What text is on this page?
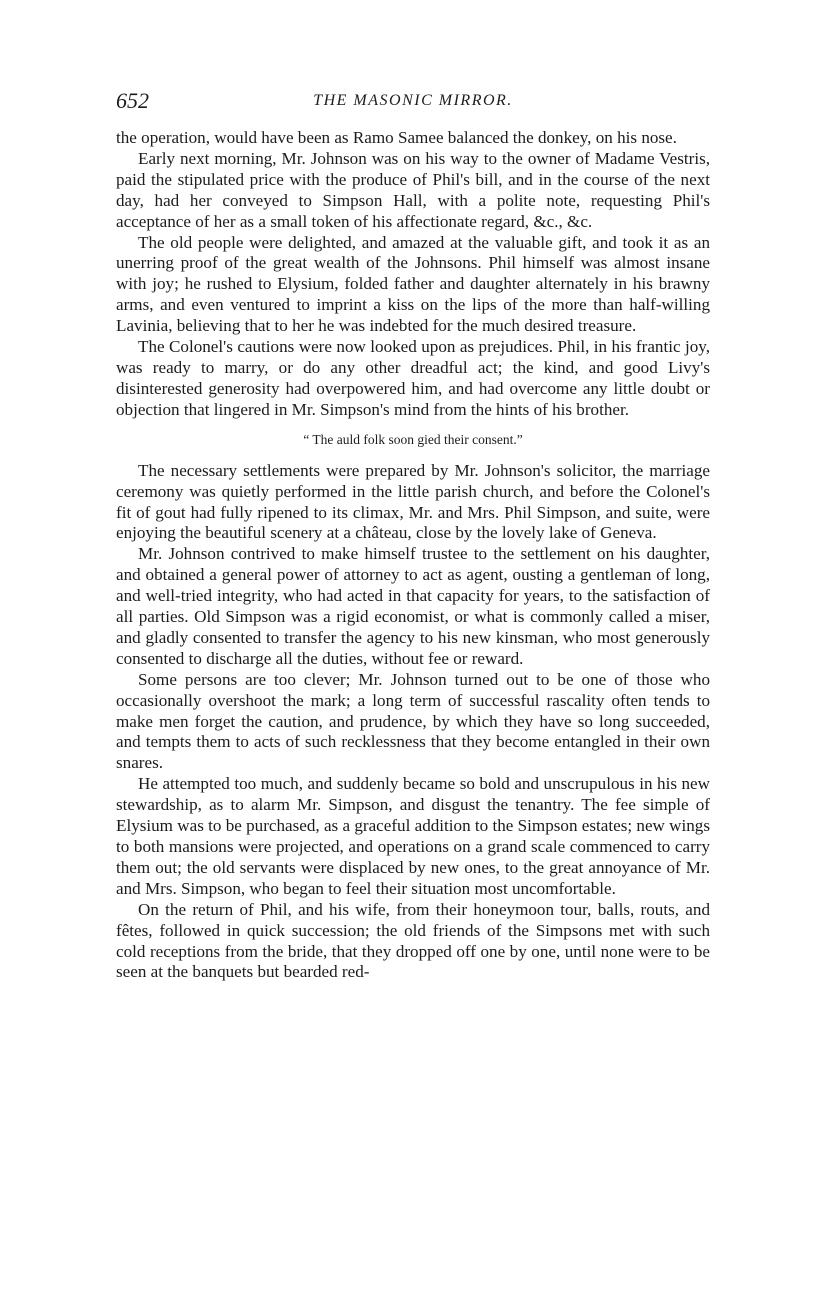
652	THE MASONIC MIRROR.

the operation, would have been as Ramo Samee balanced the donkey, on his nose.

Early next morning, Mr. Johnson was on his way to the owner of Madame Vestris, paid the stipulated price with the produce of Phil's bill, and in the course of the next day, had her conveyed to Simpson Hall, with a polite note, requesting Phil's acceptance of her as a small token of his affectionate regard, &c., &c.

The old people were delighted, and amazed at the valuable gift, and took it as an unerring proof of the great wealth of the Johnsons. Phil himself was almost insane with joy; he rushed to Elysium, folded father and daughter alternately in his brawny arms, and even ventured to imprint a kiss on the lips of the more than half-willing Lavinia, believing that to her he was indebted for the much desired treasure.

The Colonel's cautions were now looked upon as prejudices. Phil, in his frantic joy, was ready to marry, or do any other dreadful act; the kind, and good Livy's disinterested generosity had overpowered him, and had overcome any little doubt or objection that lingered in Mr. Simpson's mind from the hints of his brother.

“ The auld folk soon gied their consent.”

The necessary settlements were prepared by Mr. Johnson's solicitor, the marriage ceremony was quietly performed in the little parish church, and before the Colonel's fit of gout had fully ripened to its climax, Mr. and Mrs. Phil Simpson, and suite, were enjoying the beautiful scenery at a château, close by the lovely lake of Geneva.

Mr. Johnson contrived to make himself trustee to the settlement on his daughter, and obtained a general power of attorney to act as agent, ousting a gentleman of long, and well-tried integrity, who had acted in that capacity for years, to the satisfaction of all parties. Old Simpson was a rigid economist, or what is commonly called a miser, and gladly consented to transfer the agency to his new kinsman, who most generously consented to discharge all the duties, without fee or reward.

Some persons are too clever; Mr. Johnson turned out to be one of those who occasionally overshoot the mark; a long term of successful rascality often tends to make men forget the caution, and prudence, by which they have so long succeeded, and tempts them to acts of such recklessness that they become entangled in their own snares.

He attempted too much, and suddenly became so bold and unscrupulous in his new stewardship, as to alarm Mr. Simpson, and disgust the tenantry. The fee simple of Elysium was to be purchased, as a graceful addition to the Simpson estates; new wings to both mansions were projected, and operations on a grand scale commenced to carry them out; the old servants were displaced by new ones, to the great annoyance of Mr. and Mrs. Simpson, who began to feel their situation most uncomfortable.

On the return of Phil, and his wife, from their honeymoon tour, balls, routs, and fêtes, followed in quick succession; the old friends of the Simpsons met with such cold receptions from the bride, that they dropped off one by one, until none were to be seen at the banquets but bearded red-
